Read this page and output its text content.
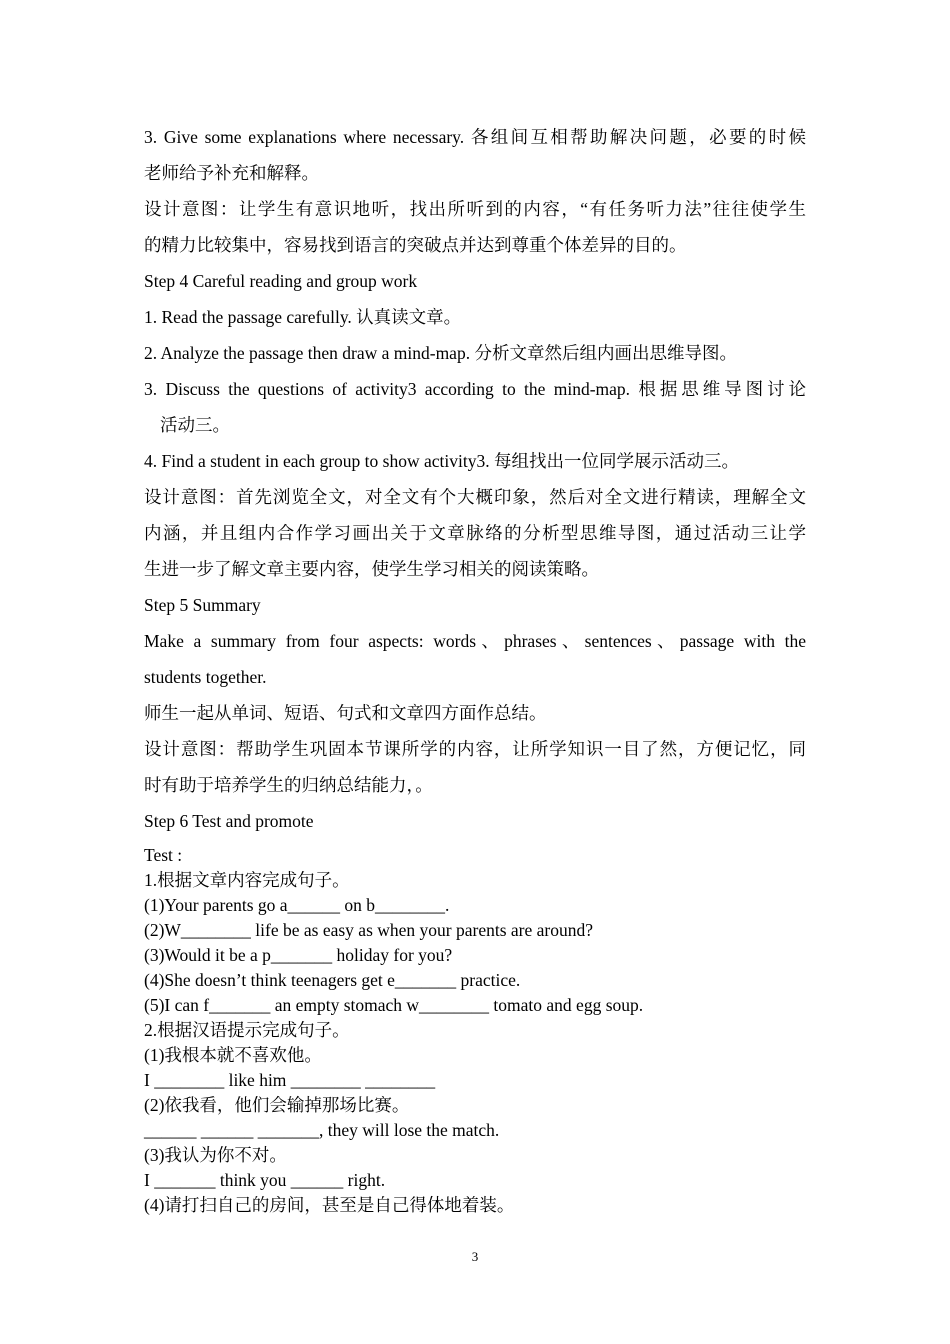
3. Give some explanations where necessary. 各组间互相帮助解决问题，必要的时候

老师给予补充和解释。

设计意图：让学生有意识地听，找出所听到的内容，“有任务听力法”往往使学生

的精力比较集中，容易找到语言的突破点并达到尊重个体差异的目的。

Step 4 Careful reading and group work

1. Read the passage carefully. 认真读文章。

2. Analyze the passage then draw a mind-map. 分析文章然后组内画出思维导图。

3. Discuss the questions of activity3 according to the mind-map. 根据思维导图讨论

活动三。

4. Find a student in each group to show activity3. 每组找出一位同学展示活动三。

设计意图：首先浏览全文，对全文有个大概印象，然后对全文进行精读，理解全文

内涵，并且组内合作学习画出关于文章脉络的分析型思维导图，通过活动三让学

生进一步了解文章主要内容，使学生学习相关的阅读策略。

Step 5 Summary

Make a summary from four aspects: words、phrases、sentences、passage with the

students together.

师生一起从单词、短语、句式和文章四方面作总结。

设计意图：帮助学生巩固本节课所学的内容，让所学知识一目了然，方便记忆，同

时有助于培养学生的归纳总结能力，。

Step 6 Test and promote

Test :

1.根据文章内容完成句子。

(1)Your parents go a______ on b________.

(2)W________ life be as easy as when your parents are around?

(3)Would it be a p_______ holiday for you?

(4)She doesn’t think teenagers get e_______ practice.

(5)I can f_______ an empty stomach w________ tomato and egg soup.

2.根据汉语提示完成句子。

(1)我根本就不喜欢他。

I ________ like him ________ ________

(2)依我看，他们会输掉那场比赛。

______ ______ _______, they will lose the match.

(3)我认为你不对。

I _______ think you ______ right.

(4)请打扫自己的房间，甚至是自己得体地着装。

3
